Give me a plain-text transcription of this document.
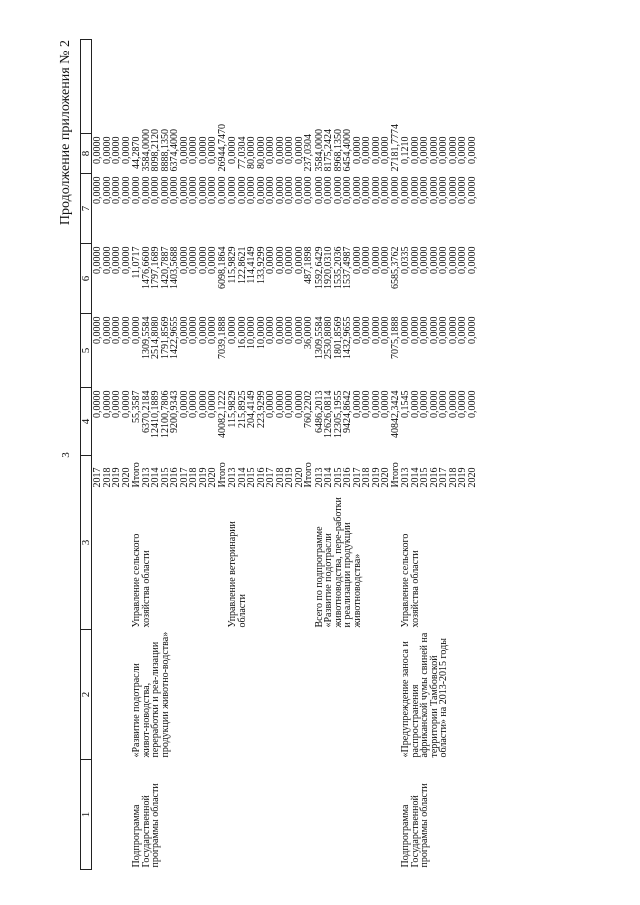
3
Продолжение приложения № 2
1	2	3		4	5	6	7	8	
			2017	0,0000	0,0000	0,0000	0,0000	0,0000	
			2018	0,0000	0,0000	0,0000	0,0000	0,0000	
			2019	0,0000	0,0000	0,0000	0,0000	0,0000	
			2020	0,0000	0,0000	0,0000	0,0000	0,0000	
Подпрограмма Государственной программы области	«Развитие подотрасли живот-новодства, переработки и реа-лизации продукции животно-водства»	Управление сельского хозяйства области	Итого	55,3587	0,0000	11,0717	0,0000	44,2870	
			2013	6370,2184	1309,5584	1476,6600	0,0000	3584,0000	
			2014	12410,1889	2514,8080	1797,1689	0,0000	8098,2120	
			2015	12100,7806	1791,8569	1420,7887	0,0000	8888,1350	
			2016	9200,9343	1422,9655	1403,5688	0,0000	6374,4000	
			2017	0,0000	0,0000	0,0000	0,0000	0,0000	
			2018	0,0000	0,0000	0,0000	0,0000	0,0000	
			2019	0,0000	0,0000	0,0000	0,0000	0,0000	
			2020	0,0000	0,0000	0,0000	0,0000	0,0000	
			Итого	40082,1222	7039,1888	6098,1864	0,0000	26944,7470	
		Управление ветеринарии области	2013	115,9829	0,0000	115,9829	0,0000	0,0000	
			2014	215,8925	16,0000	122,8621	0,0000	77,0304	
			2015	204,4149	10,0000	114,4149	0,0000	80,0000	
			2016	223,9299	10,0000	133,9299	0,0000	80,0000	
			2017	0,0000	0,0000	0,0000	0,0000	0,0000	
			2018	0,0000	0,0000	0,0000	0,0000	0,0000	
			2019	0,0000	0,0000	0,0000	0,0000	0,0000	
			2020	0,0000	0,0000	0,0000	0,0000	0,0000	
			Итого	760,2202	36,0000	487,1898	0,0000	237,0304	
		Всего по подпрограмме «Развитие подотрасли животноводства, пере-работки и реализации продукции животноводства»	2013	6486,2013	1309,5584	1592,6429	0,0000	3584,0000	
			2014	12626,0814	2530,8080	1920,0310	0,0000	8175,2424	
			2015	12305,1955	1801,8569	1535,2036	0,0000	8968,1350	
			2016	9424,8642	1432,9655	1537,4987	0,0000	6454,4000	
			2017	0,0000	0,0000	0,0000	0,0000	0,0000	
			2018	0,0000	0,0000	0,0000	0,0000	0,0000	
			2019	0,0000	0,0000	0,0000	0,0000	0,0000	
			2020	0,0000	0,0000	0,0000	0,0000	0,0000	
			Итого	40842,3424	7075,1888	6585,3762	0,0000	27181,7774	
Подпрограмма Государственной программы области	«Предупреждение заноса и распространения африканской чумы свиней на территории Тамбовской области» на 2013-2015 годы	Управление сельского хозяйства области	2013	0,1545	0,0000	0,0335	0,0000	0,1210	
			2014	0,0000	0,0000	0,0000	0,0000	0,0000	
			2015	0,0000	0,0000	0,0000	0,0000	0,0000	
			2016	0,0000	0,0000	0,0000	0,0000	0,0000	
			2017	0,0000	0,0000	0,0000	0,0000	0,0000	
			2018	0,0000	0,0000	0,0000	0,0000	0,0000	
			2019	0,0000	0,0000	0,0000	0,0000	0,0000	
			2020	0,0000	0,0000	0,0000	0,0000	0,0000	
